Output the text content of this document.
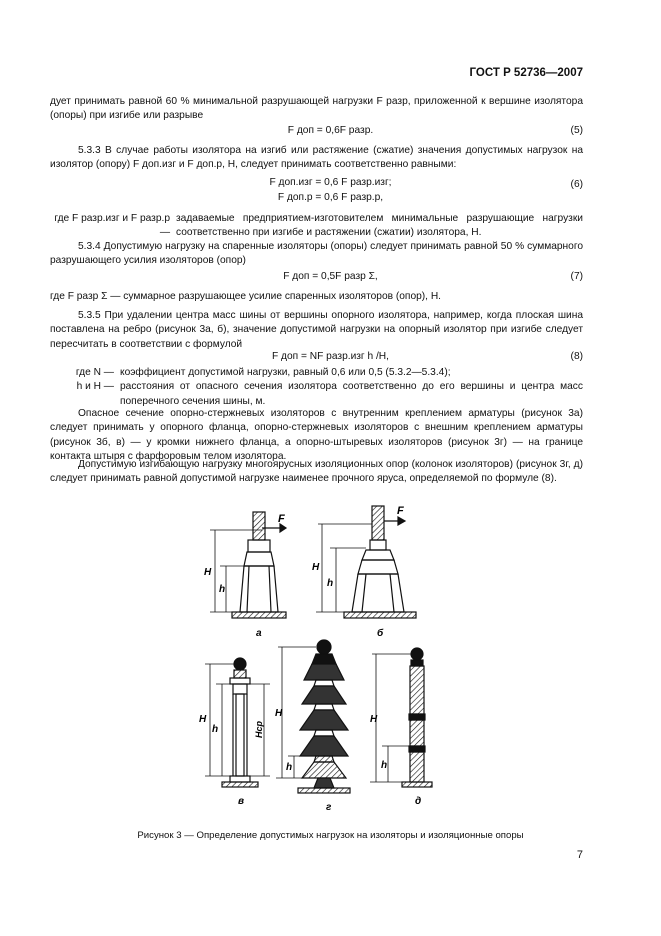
ГОСТ Р 52736—2007
дует принимать равной 60 % минимальной разрушающей нагрузки F разр, приложенной к вершине изолятора (опоры) при изгибе или разрыве
F доп = 0,6F разр.	(5)
5.3.3 В случае работы изолятора на изгиб или растяжение (сжатие) значения допустимых нагрузок на изолятор (опору) F доп.изг и F доп.р, Н, следует принимать соответственно равными:
F доп.изг = 0,6 F разр.изг;
F доп.р = 0,6 F разр.р,
(6)
где F разр.изг и F разр.р —
задаваемые предприятием-изготовителем минимальные разрушающие нагрузки соответственно при изгибе и растяжении (сжатии) изолятора, Н.
5.3.4 Допустимую нагрузку на спаренные изоляторы (опоры) следует принимать равной 50 % суммарного разрушающего усилия изоляторов (опор)
F доп = 0,5F разр Σ,	(7)
где F разр Σ — суммарное разрушающее усилие спаренных изоляторов (опор), Н.
5.3.5 При удалении центра масс шины от вершины опорного изолятора, например, когда плоская шина поставлена на ребро (рисунок 3а, б), значение допустимой нагрузки на опорный изолятор при изгибе следует пересчитать в соответствии с формулой
F доп = NF разр.изг h /H,	(8)
где N — коэффициент допустимой нагрузки, равный 0,6 или 0,5 (5.3.2—5.3.4);
h и H — расстояния от опасного сечения изолятора соответственно до его вершины и центра масс поперечного сечения шины, м.
Опасное сечение опорно-стержневых изоляторов с внутренним креплением арматуры (рисунок 3а) следует принимать у опорного фланца, опорно-стержневых изоляторов с внешним креплением арматуры (рисунок 3б, в) — у кромки нижнего фланца, а опорно-штыревых изоляторов (рисунок 3г) — на границе контакта штыря с фарфоровым телом изолятора.
Допустимую изгибающую нагрузку многоярусных изоляционных опор (колонок изоляторов) (рисунок 3г, д) следует принимать равной допустимой нагрузке наименее прочного яруса, определяемой по формуле (8).
F
H
h
а
F
H
h
б
H
h	Hср
в
H
h
г
H
h
д
Рисунок 3 — Определение допустимых нагрузок на изоляторы и изоляционные опоры
7
